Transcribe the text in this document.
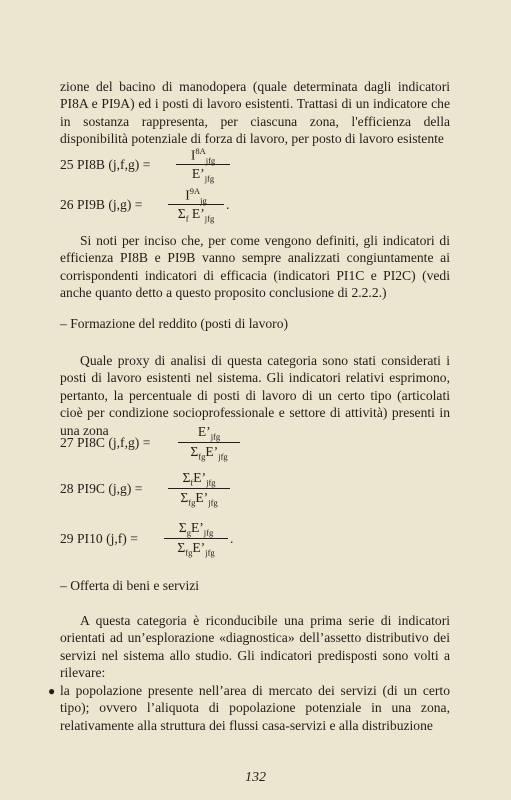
zione del bacino di manodopera (quale determinata dagli indicatori PI8A e PI9A) ed i posti di lavoro esistenti. Trattasi di un indicatore che in sostanza rappresenta, per ciascuna zona, l'efficienza della disponibilità potenziale di forza di lavoro, per posto di lavoro esistente

25 PI8B (j,f,g) =
$I^{8A}_{jfg}$
$E’_{jfg}$
26 PI9B (j,g) =
$I^{9A}_{jg}$
$\Sigma_f$ $E’_{jfg}$
.

Si noti per inciso che, per come vengono definiti, gli indicatori di efficienza PI8B e PI9B vanno sempre analizzati congiuntamente ai corrispondenti indicatori di efficacia (indicatori PI1C e PI2C) (vedi anche quanto detto a questo proposito conclusione di 2.2.2.)

– Formazione del reddito (posti di lavoro)

Quale proxy di analisi di questa categoria sono stati considerati i posti di lavoro esistenti nel sistema. Gli indicatori relativi esprimono, pertanto, la percentuale di posti di lavoro di un certo tipo (articolati cioè per condizione socioprofessionale e settore di attività) presenti in una zona

27 PI8C (j,f,g) =
$E’_{jfg}$
$\Sigma_{fg}E’_{jfg}$
28 PI9C (j,g) =
$\Sigma_fE’_{jfg}$
$\Sigma_{fg}E’_{jfg}$
29 PI10 (j,f) =
$\Sigma_gE’_{jfg}$
$\Sigma_{fg}E’_{jfg}$
.
– Offerta di beni e servizi

A questa categoria è riconducibile una prima serie di indicatori orientati ad un’esplorazione «diagnostica» dell’assetto distributivo dei servizi nel sistema allo studio. Gli indicatori predisposti sono volti a rilevare:

● la popolazione presente nell’area di mercato dei servizi (di un certo tipo); ovvero l’aliquota di popolazione potenziale in una zona, relativamente alla struttura dei flussi casa-servizi e alla distribuzione

132
